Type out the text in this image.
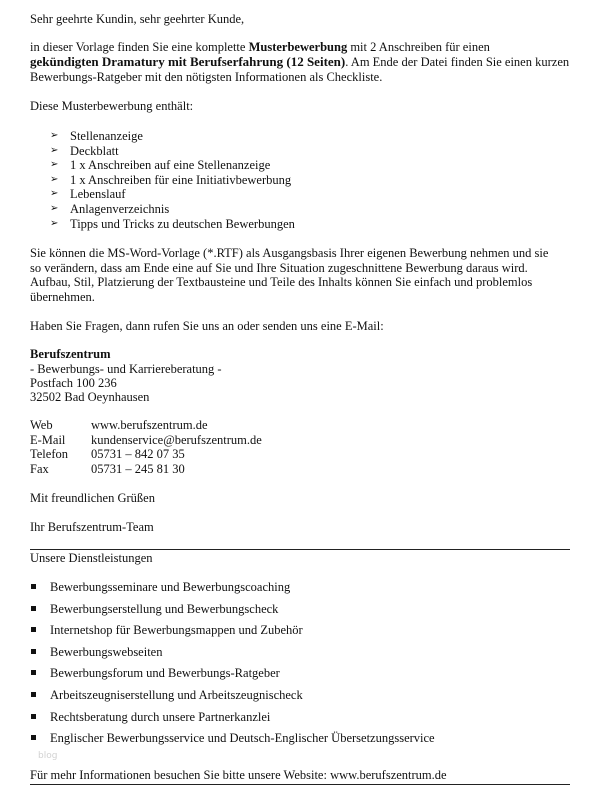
Sehr geehrte Kundin, sehr geehrter Kunde,
in dieser Vorlage finden Sie eine komplette Musterbewerbung mit 2 Anschreiben für einen
gekündigten Dramatury mit Berufserfahrung (12 Seiten). Am Ende der Datei finden Sie einen kurzen
Bewerbungs-Ratgeber mit den nötigsten Informationen als Checkliste.
Diese Musterbewerbung enthält:
➢ Stellenanzeige
➢ Deckblatt
➢ 1 x Anschreiben auf eine Stellenanzeige
➢ 1 x Anschreiben für eine Initiativbewerbung
➢ Lebenslauf
➢ Anlagenverzeichnis
➢ Tipps und Tricks zu deutschen Bewerbungen
Sie können die MS-Word-Vorlage (*.RTF) als Ausgangsbasis Ihrer eigenen Bewerbung nehmen und sie
so verändern, dass am Ende eine auf Sie und Ihre Situation zugeschnittene Bewerbung daraus wird.
Aufbau, Stil, Platzierung der Textbausteine und Teile des Inhalts können Sie einfach und problemlos
übernehmen.
Haben Sie Fragen, dann rufen Sie uns an oder senden uns eine E-Mail:
Berufszentrum
- Bewerbungs- und Karriereberatung -
Postfach 100 236
32502 Bad Oeynhausen
Web	www.berufszentrum.de
E-Mail kundenservice@berufszentrum.de
Telefon 05731 – 842 07 35
Fax	05731 – 245 81 30
Mit freundlichen Grüßen
Ihr Berufszentrum-Team
Unsere Dienstleistungen
Bewerbungsseminare und Bewerbungscoaching
Bewerbungserstellung und Bewerbungscheck
Internetshop für Bewerbungsmappen und Zubehör
Bewerbungswebseiten
Bewerbungsforum und Bewerbungs-Ratgeber
Arbeitszeugniserstellung und Arbeitszeugnischeck
Rechtsberatung durch unsere Partnerkanzlei
Englischer Bewerbungsservice und Deutsch-Englischer Übersetzungsservice
blog
Für mehr Informationen besuchen Sie bitte unsere Website: www.berufszentrum.de
